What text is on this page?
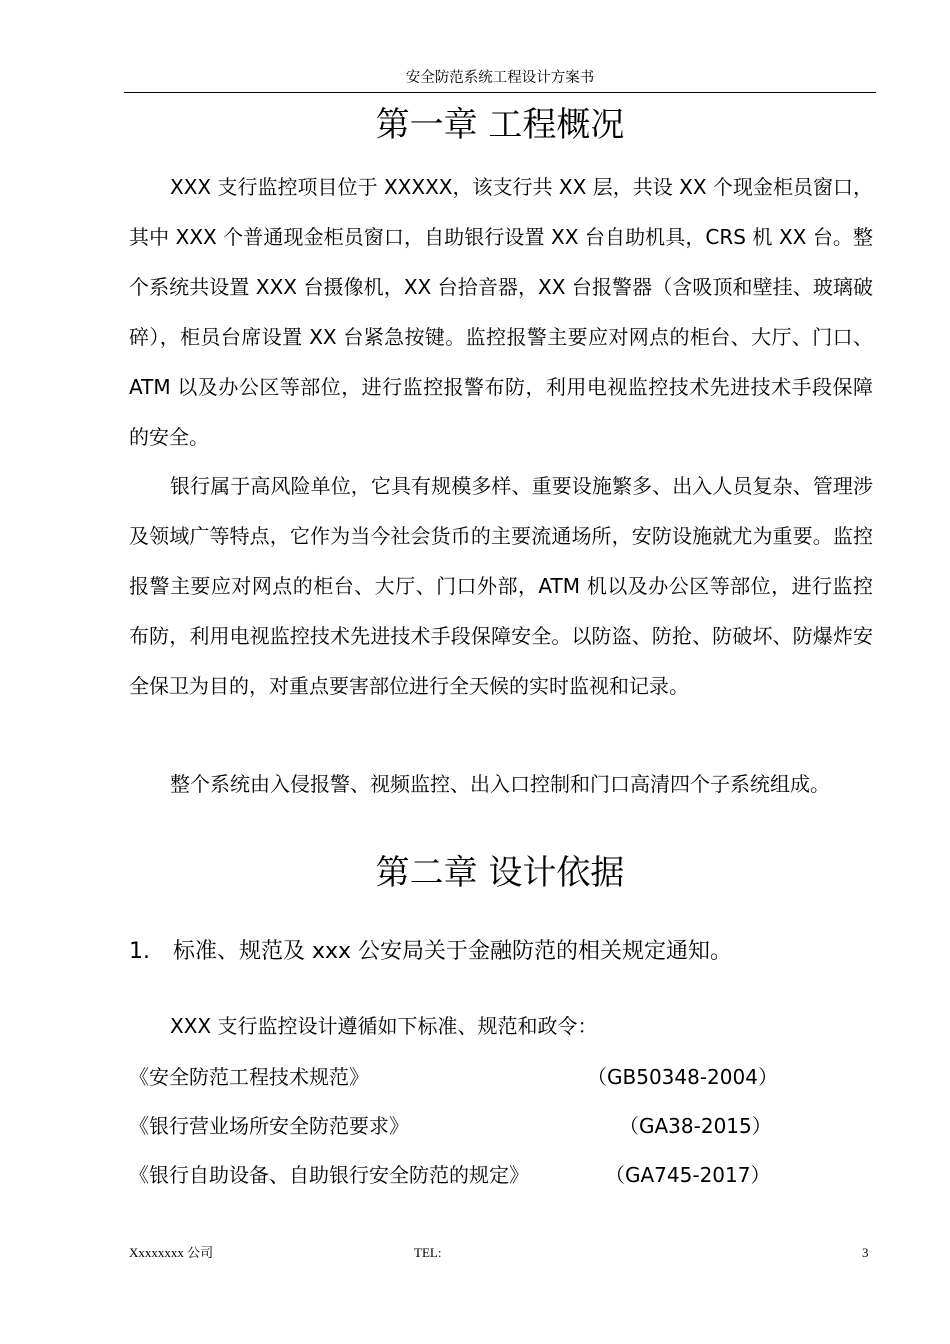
安全防范系统工程设计方案书
第一章 工程概况

XXX 支行监控项目位于 XXXXX，该支行共 XX 层，共设 XX 个现金柜员窗口，其中 XXX 个普通现金柜员窗口，自助银行设置 XX 台自助机具，CRS 机 XX 台。整个系统共设置 XXX 台摄像机，XX 台拾音器，XX 台报警器（含吸顶和壁挂、玻璃破碎），柜员台席设置 XX 台紧急按键。监控报警主要应对网点的柜台、大厅、门口、ATM 以及办公区等部位，进行监控报警布防，利用电视监控技术先进技术手段保障的安全。

银行属于高风险单位，它具有规模多样、重要设施繁多、出入人员复杂、管理涉及领域广等特点，它作为当今社会货币的主要流通场所，安防设施就尤为重要。监控报警主要应对网点的柜台、大厅、门口外部，ATM 机以及办公区等部位，进行监控布防，利用电视监控技术先进技术手段保障安全。以防盗、防抢、防破坏、防爆炸安全保卫为目的，对重点要害部位进行全天候的实时监视和记录。

整个系统由入侵报警、视频监控、出入口控制和门口高清四个子系统组成。

第二章 设计依据
1. 标准、规范及 xxx 公安局关于金融防范的相关规定通知。
XXX 支行监控设计遵循如下标准、规范和政令：
《安全防范工程技术规范》	（GB50348-2004）
《银行营业场所安全防范要求》	（GA38-2015）
《银行自助设备、自助银行安全防范的规定》	（GA745-2017）
Xxxxxxxx 公司	TEL:	3
